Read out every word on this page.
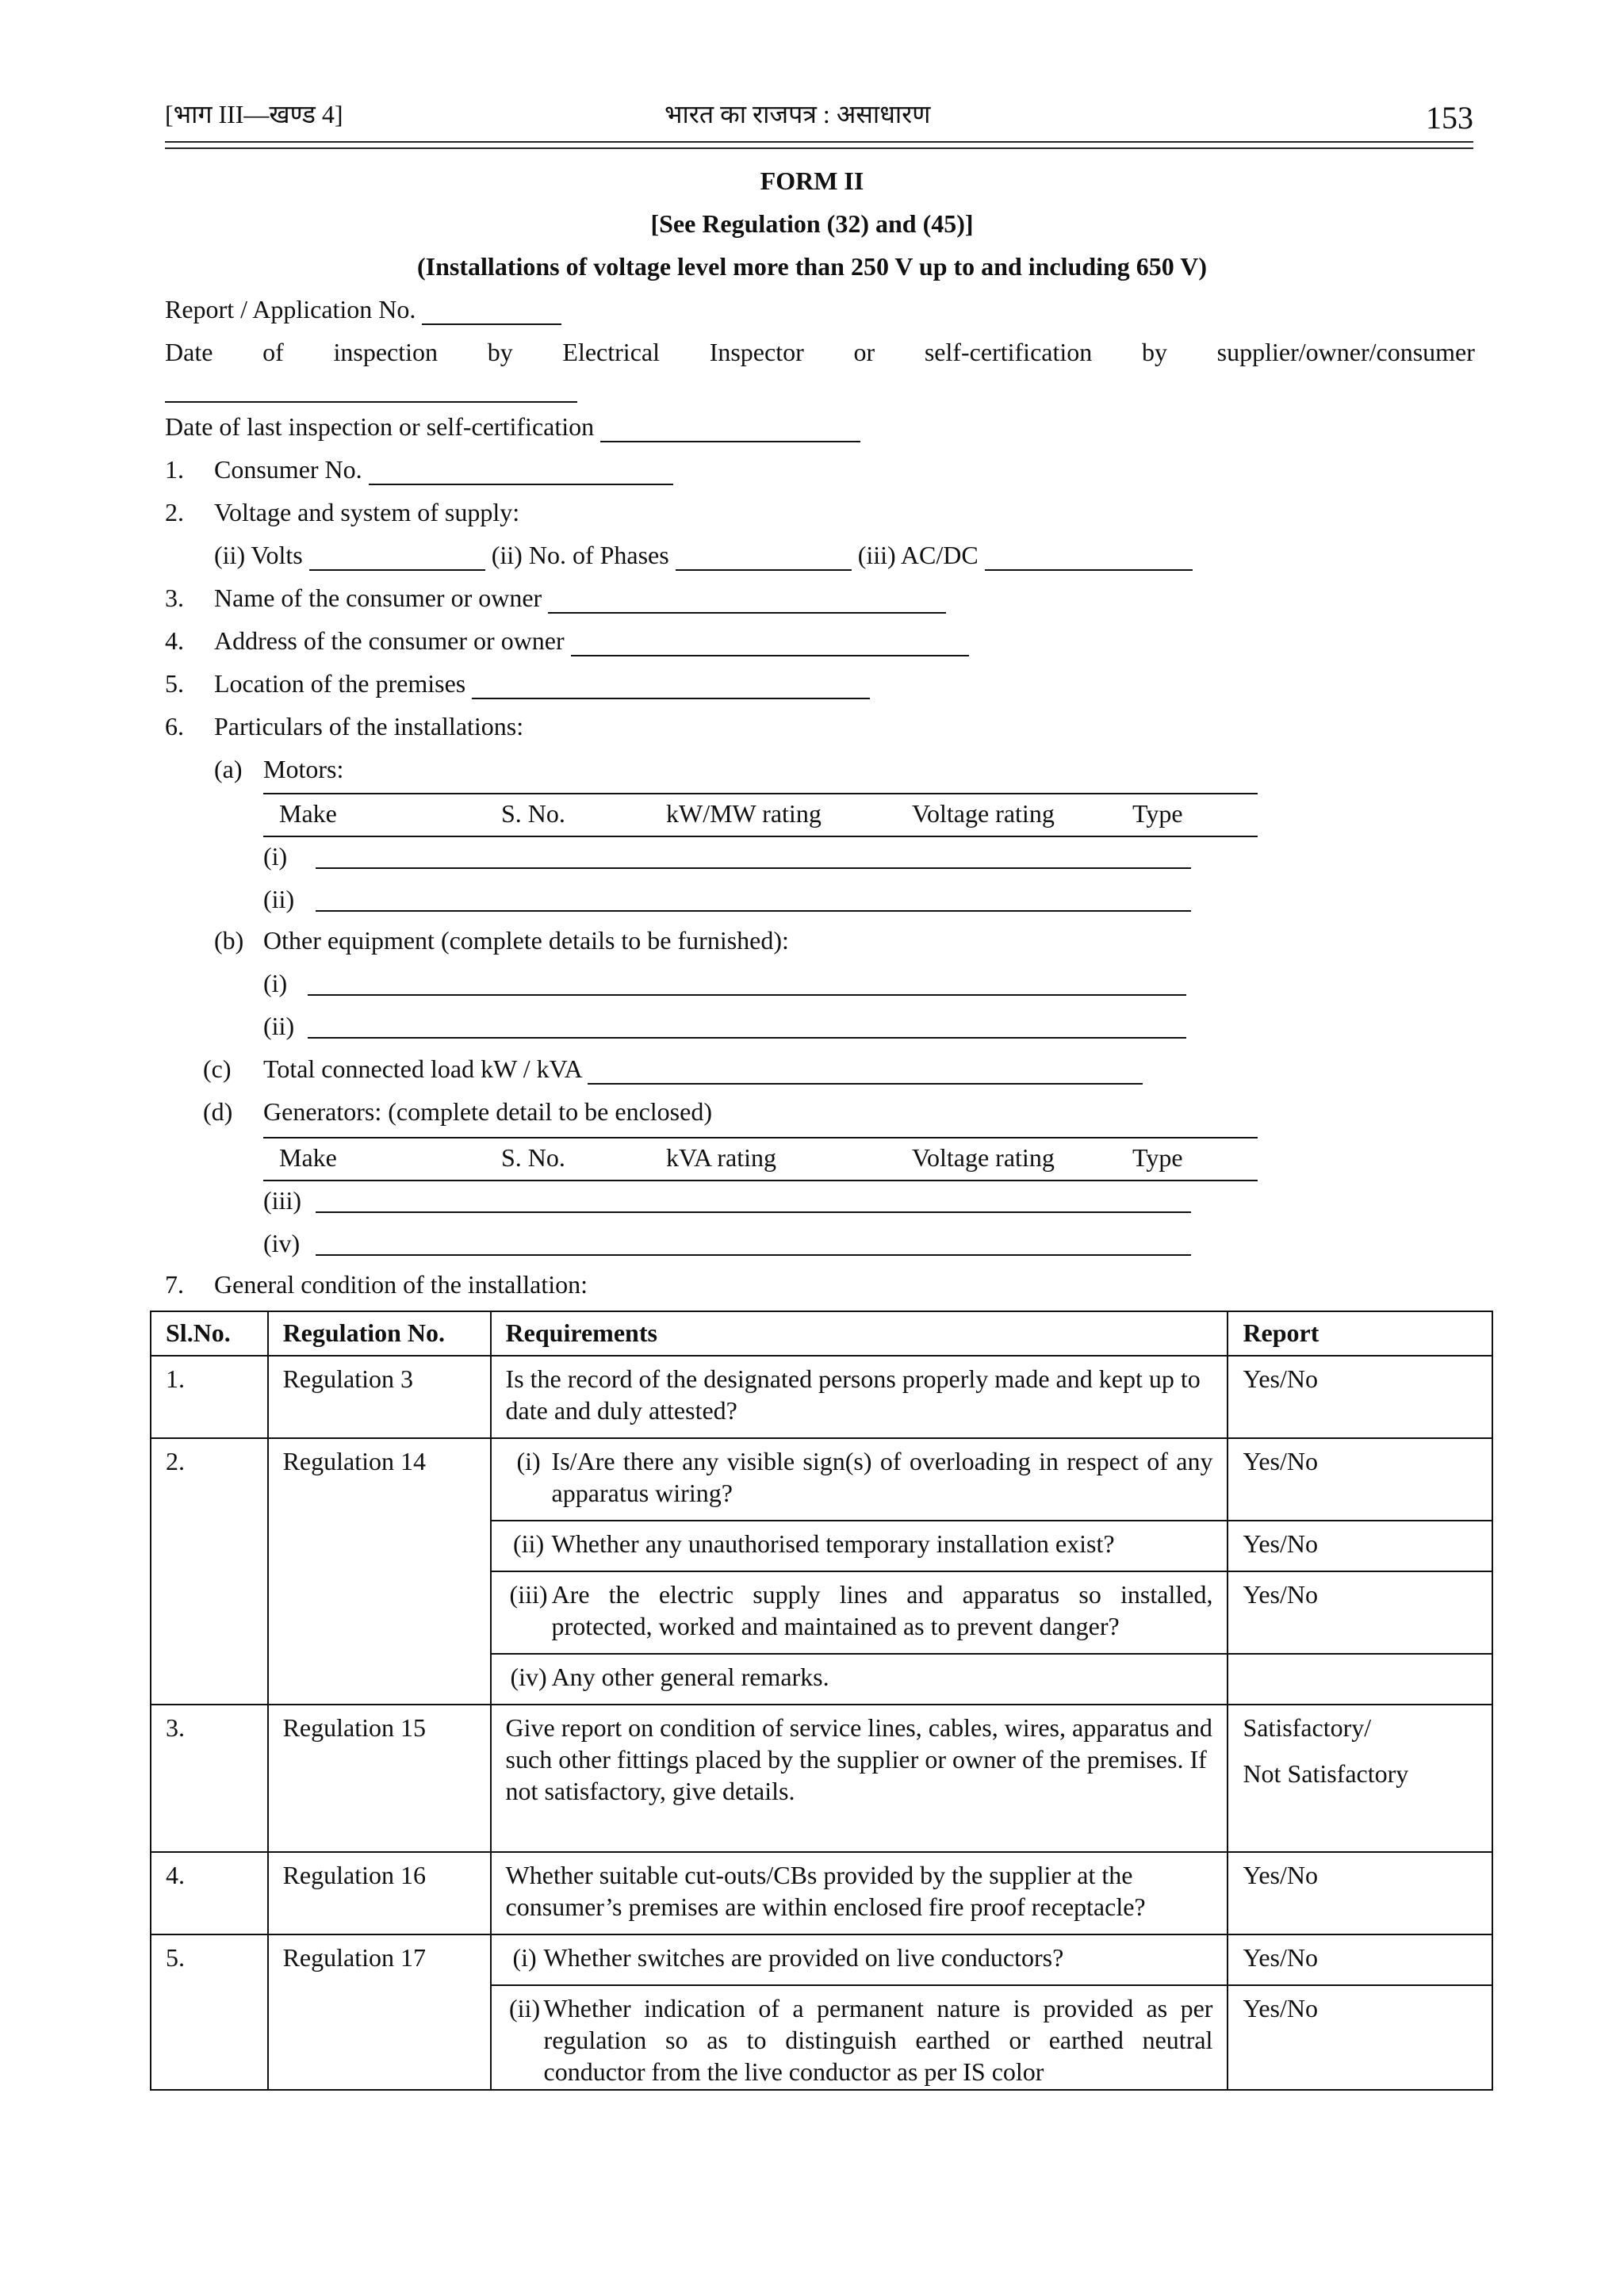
[भाग III—खण्ड 4]	भारत का राजपत्र : असाधारण	153
FORM II
[See Regulation (32) and (45)]
(Installations of voltage level more than 250 V up to and including 650 V)
Report / Application No.
Date of inspection by Electrical Inspector or self-certification by supplier/owner/consumer
Date of last inspection or self-certification
1. Consumer No.
2. Voltage and system of supply:
(ii) Volts	(ii) No. of Phases	(iii) AC/DC
3. Name of the consumer or owner
4. Address of the consumer or owner
5. Location of the premises
6. Particulars of the installations:
(a) Motors:
Make	S. No.	kW/MW rating	Voltage rating	Type
(i)
(ii)
(b) Other equipment (complete details to be furnished):
(i)
(ii)
(c) Total connected load kW / kVA
(d) Generators: (complete detail to be enclosed)
Make	S. No.	kVA rating	Voltage rating	Type
(iii)
(iv)
7. General condition of the installation:
Sl.No.	Regulation No.	Requirements	Report
1.	Regulation 3	Is the record of the designated persons properly made and kept up to date and duly attested?	Yes/No
2.	Regulation 14	(i) Is/Are there any visible sign(s) of overloading in respect of any apparatus wiring?	Yes/No

		(ii) Whether any unauthorised temporary installation exist?	Yes/No

		(iii) Are the electric supply lines and apparatus so installed, protected, worked and maintained as to prevent danger?	Yes/No

		(iv) Any other general remarks.	

3.	Regulation 15	Give report on condition of service lines, cables, wires, apparatus and such other fittings placed by the supplier or owner of the premises. If not satisfactory, give details.	Satisfactory/
Not Satisfactory

4.	Regulation 16	Whether suitable cut-outs/CBs provided by the supplier at the consumer’s premises are within enclosed fire proof receptacle?	Yes/No
5.	Regulation 17	(i) Whether switches are provided on live conductors?	Yes/No

		(ii) Whether indication of a permanent nature is provided as per regulation so as to distinguish earthed or earthed neutral conductor from the live conductor as per IS color	Yes/No
